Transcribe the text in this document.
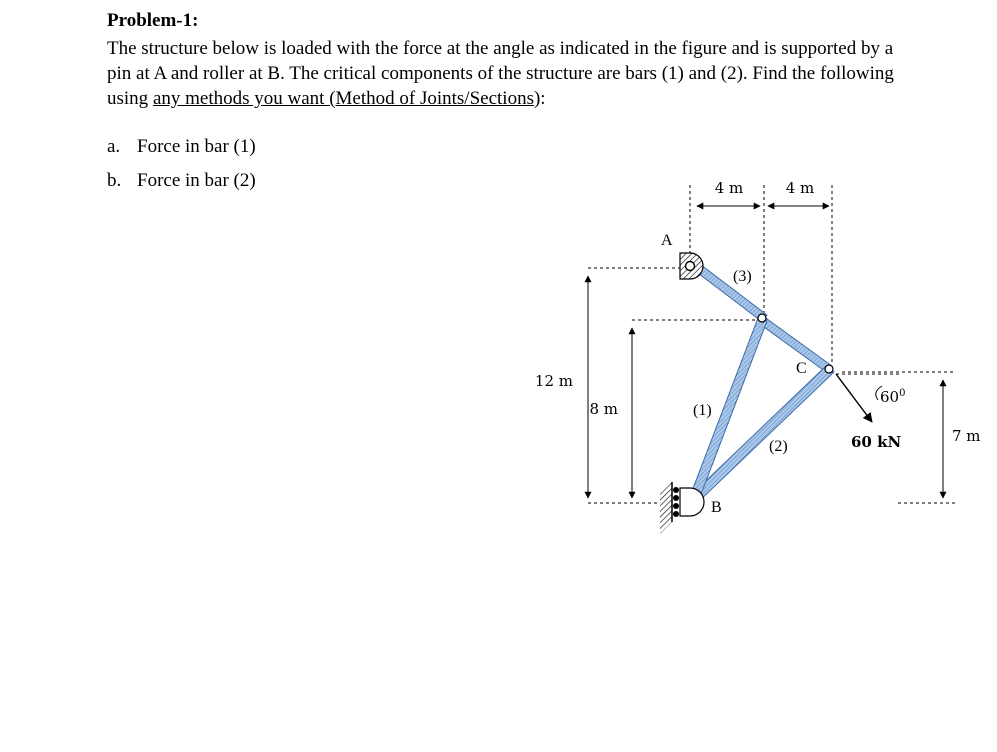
Problem-1:

The structure below is loaded with the force at the angle as indicated in the figure and is supported by a pin at A and roller at B. The critical components of the structure are bars (1) and (2). Find the following using any methods you want (Method of Joints/Sections):

a. Force in bar (1)
b. Force in bar (2)	4 m	4 m
12 m
8 m
7 m
$60^0$
60 kN
A
B
C
(1)
(2)
(3)
